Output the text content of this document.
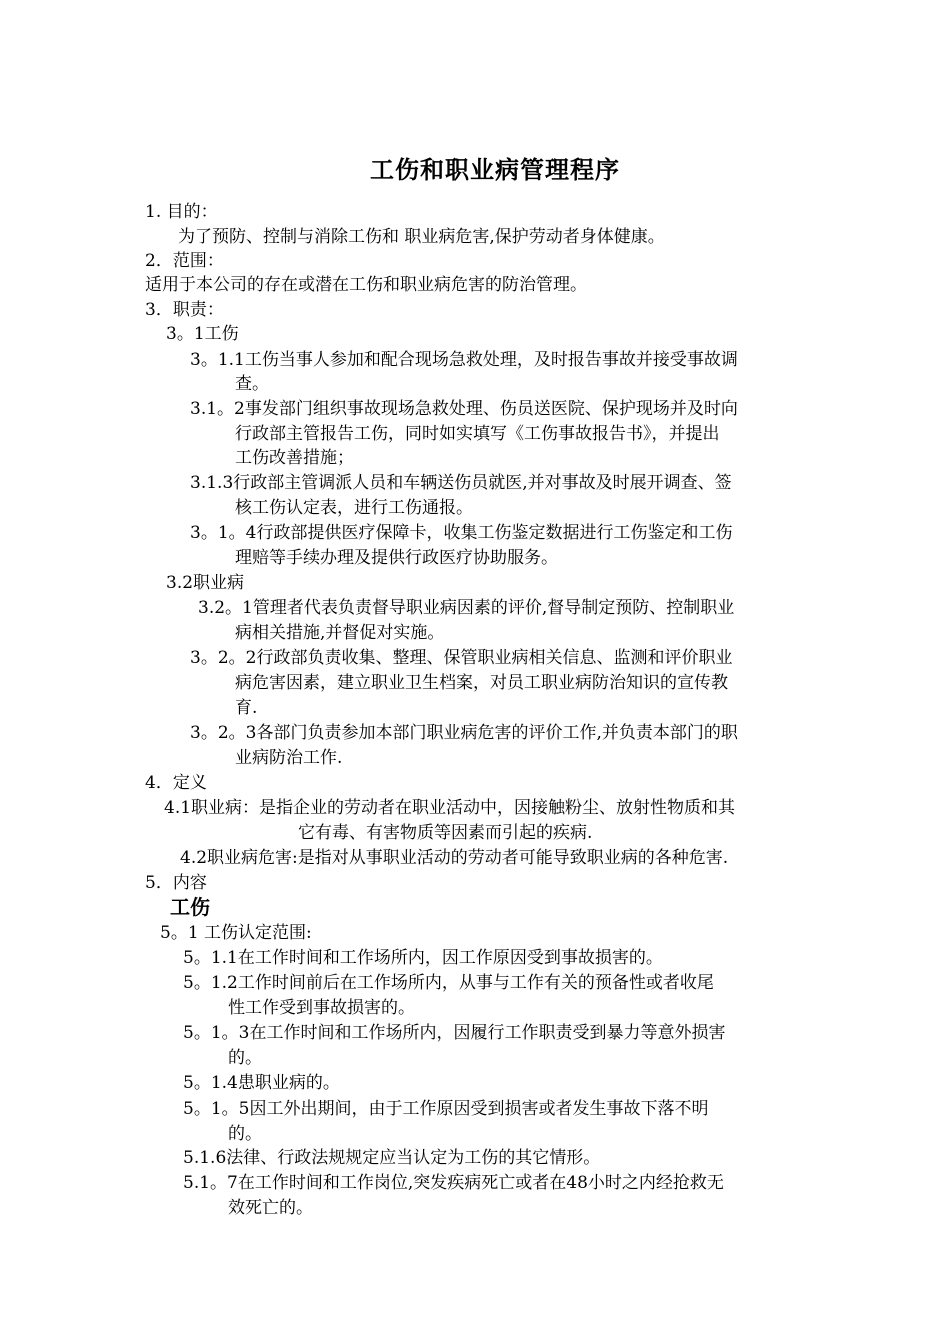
工伤和职业病管理程序
1. 目的：
为了预防、控制与消除工伤和 职业病危害,保护劳动者身体健康。
2．范围：
适用于本公司的存在或潜在工伤和职业病危害的防治管理。
3．职责：
3。1工伤
3。1.1工伤当事人参加和配合现场急救处理，及时报告事故并接受事故调
查。
3.1。2事发部门组织事故现场急救处理、伤员送医院、保护现场并及时向
行政部主管报告工伤，同时如实填写《工伤事故报告书》，并提出
工伤改善措施；
3.1.3行政部主管调派人员和车辆送伤员就医,并对事故及时展开调查、签
核工伤认定表，进行工伤通报。
3。1。4行政部提供医疗保障卡，收集工伤鉴定数据进行工伤鉴定和工伤
理赔等手续办理及提供行政医疗协助服务。
3.2职业病
3.2。1管理者代表负责督导职业病因素的评价,督导制定预防、控制职业
病相关措施,并督促对实施。
3。2。2行政部负责收集、整理、保管职业病相关信息、监测和评价职业
病危害因素，建立职业卫生档案，对员工职业病防治知识的宣传教
育.
3。2。3各部门负责参加本部门职业病危害的评价工作,并负责本部门的职
业病防治工作.
4．定义
4.1职业病：是指企业的劳动者在职业活动中，因接触粉尘、放射性物质和其
它有毒、有害物质等因素而引起的疾病.
4.2职业病危害:是指对从事职业活动的劳动者可能导致职业病的各种危害.
5．内容
工伤
5。1 工伤认定范围:
5。1.1在工作时间和工作场所内，因工作原因受到事故损害的。
5。1.2工作时间前后在工作场所内，从事与工作有关的预备性或者收尾
性工作受到事故损害的。
5。1。3在工作时间和工作场所内，因履行工作职责受到暴力等意外损害
的。
5。1.4患职业病的。
5。1。5因工外出期间，由于工作原因受到损害或者发生事故下落不明
的。
5.1.6法律、行政法规规定应当认定为工伤的其它情形。
5.1。7在工作时间和工作岗位,突发疾病死亡或者在48小时之内经抢救无
效死亡的。
